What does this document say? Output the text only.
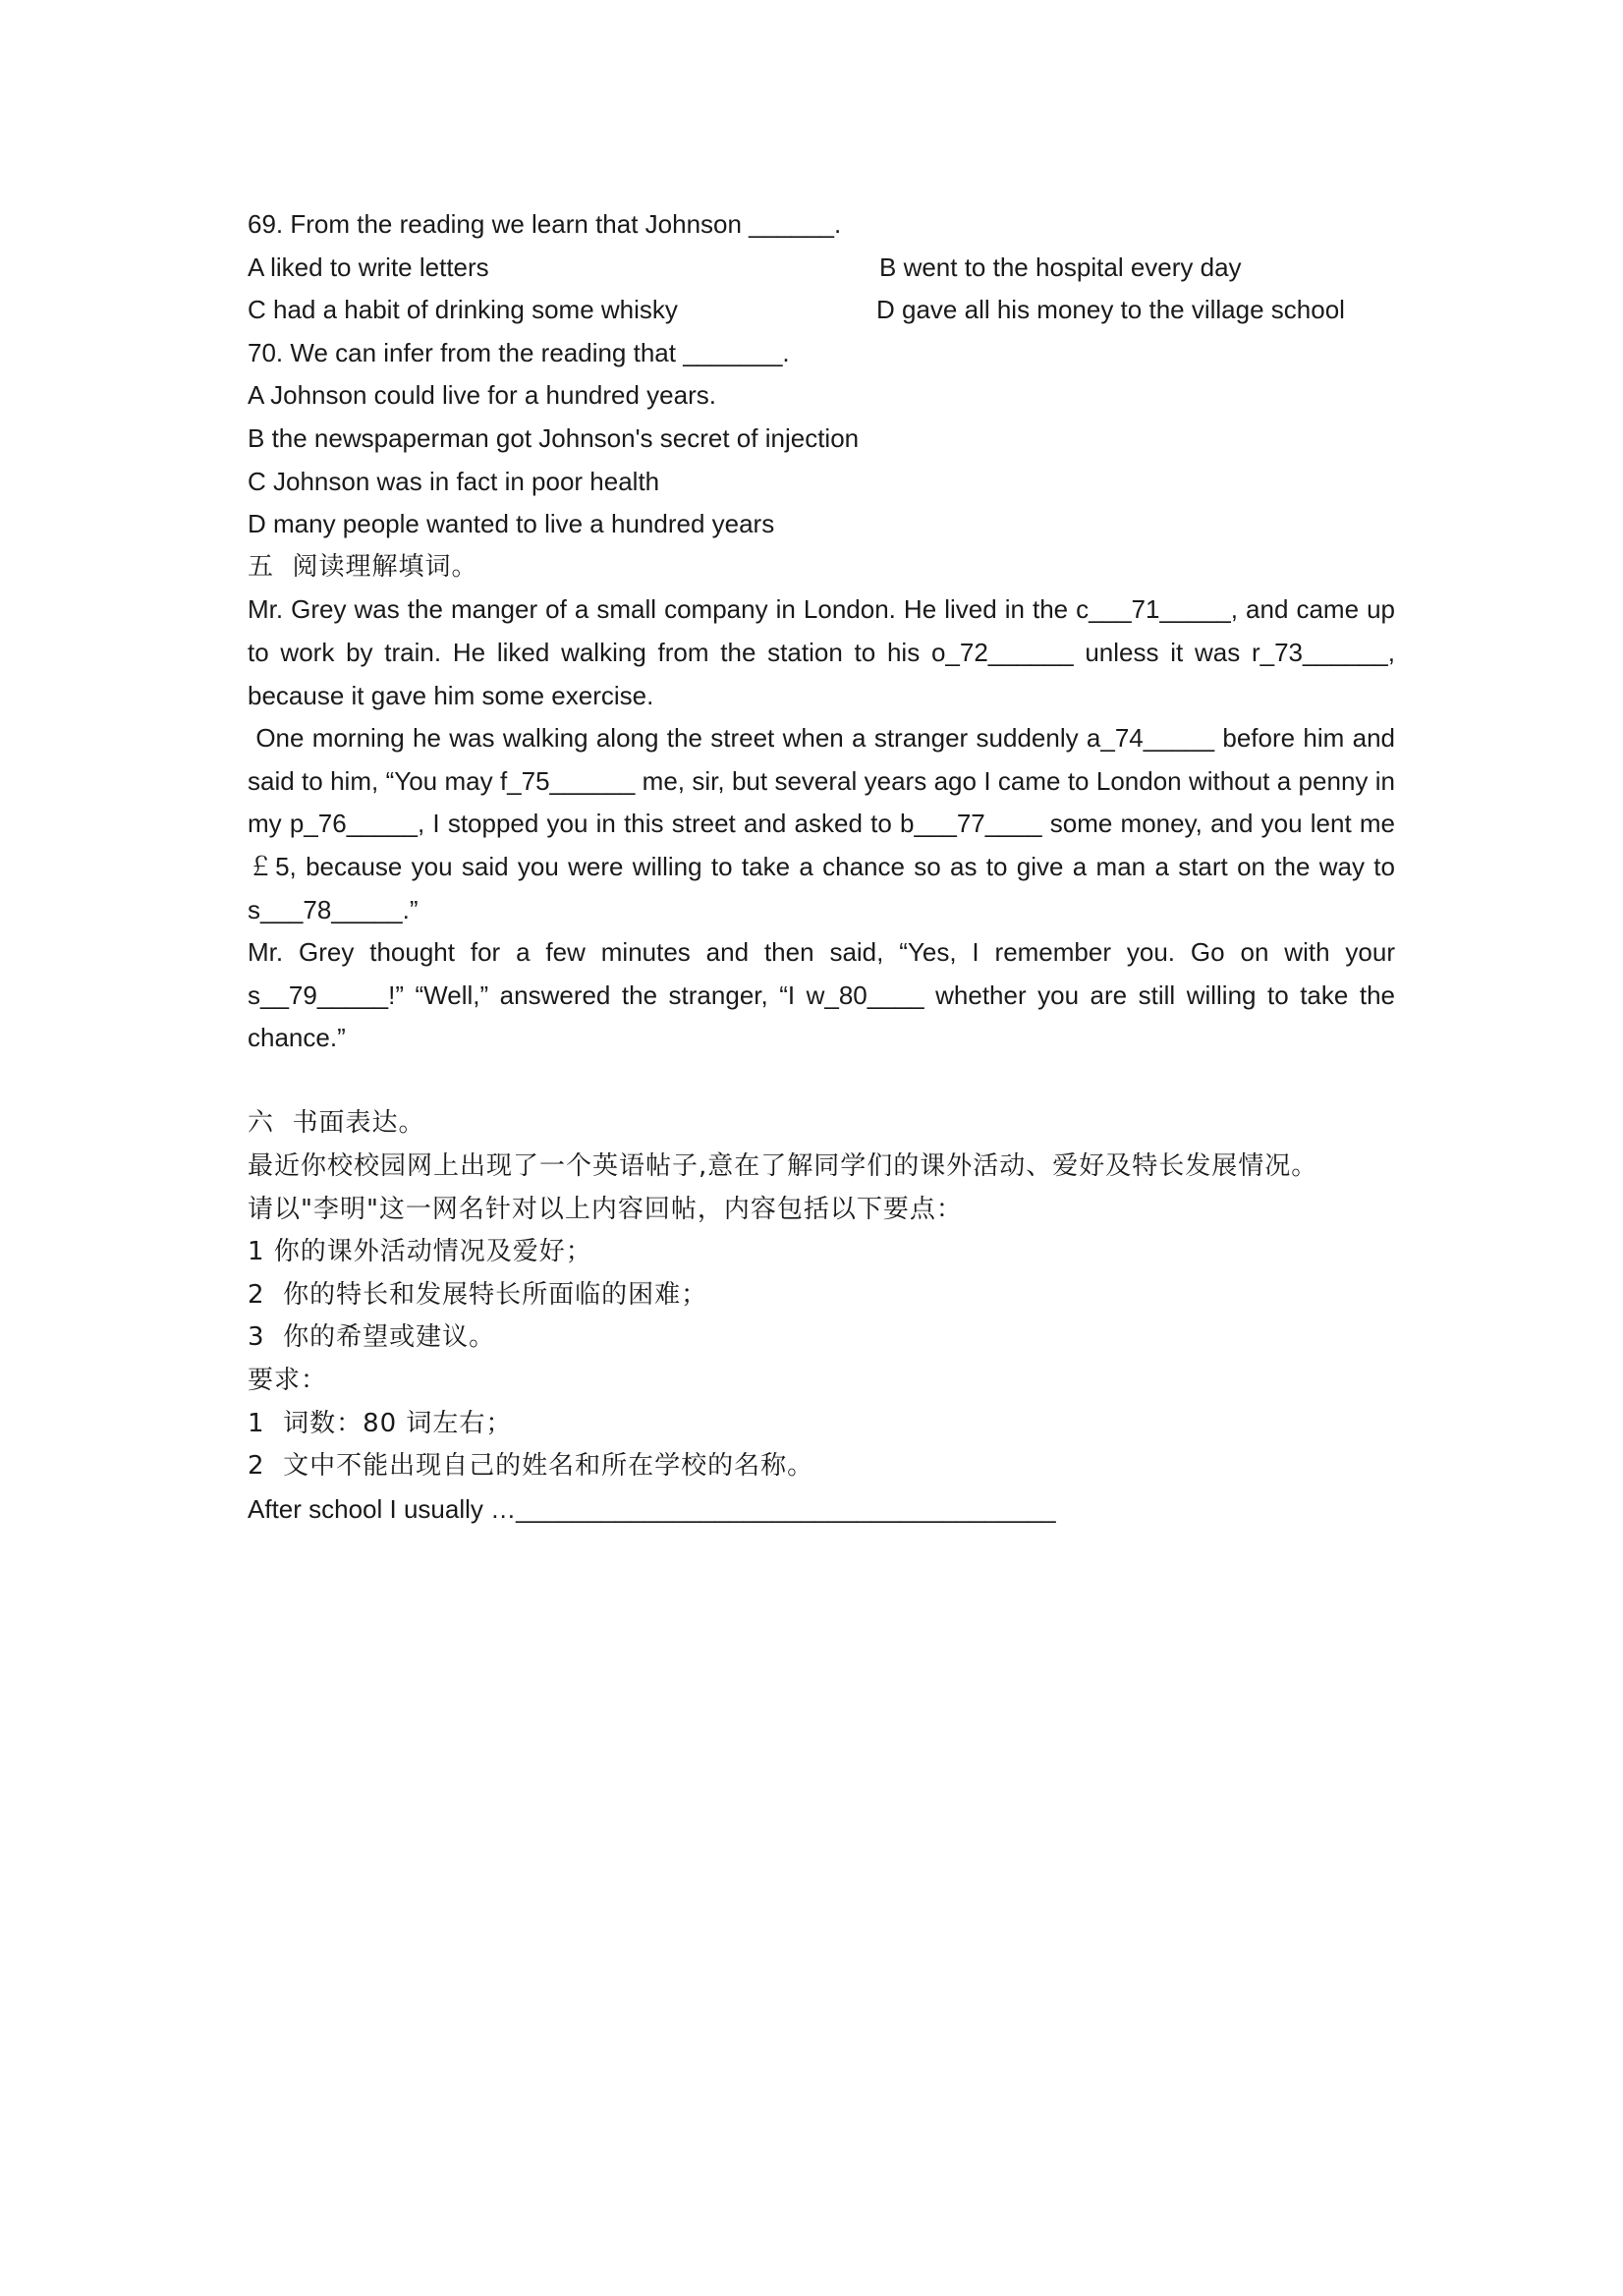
69. From the reading we learn that Johnson ______.

A liked to write letters	B went to the hospital every day
C had a habit of drinking some whisky	D gave all his money to the village school

70. We can infer from the reading that _______.

A Johnson could live for a hundred years.

B the newspaperman got Johnson's secret of injection

C Johnson was in fact in poor health

D many people wanted to live a hundred years

五  阅读理解填词。

Mr. Grey was the manger of a small company in London. He lived in the c___71_____, and came up to work by train. He liked walking from the station to his o_72______ unless it was r_73______, because it gave him some exercise.

One morning he was walking along the street when a stranger suddenly a_74_____ before him and said to him, “You may f_75______ me, sir, but several years ago I came to London without a penny in my p_76_____, I stopped you in this street and asked to b___77____ some money, and you lent me  ￡5, because you said you were willing to take a chance so as to give a man a start on the way to s___78_____.”

Mr. Grey thought for a few minutes and then said, “Yes, I remember you. Go on with your s__79_____!” “Well,” answered the stranger, “I w_80____ whether you are still willing to take the chance.”

六  书面表达。

最近你校校园网上出现了一个英语帖子,意在了解同学们的课外活动、爱好及特长发展情况。

请以"李明"这一网名针对以上内容回帖，内容包括以下要点：

1 你的课外活动情况及爱好；

2  你的特长和发展特长所面临的困难；

3  你的希望或建议。

要求：

1  词数：80 词左右；

2  文中不能出现自己的姓名和所在学校的名称。

After school I usually …______________________________________
